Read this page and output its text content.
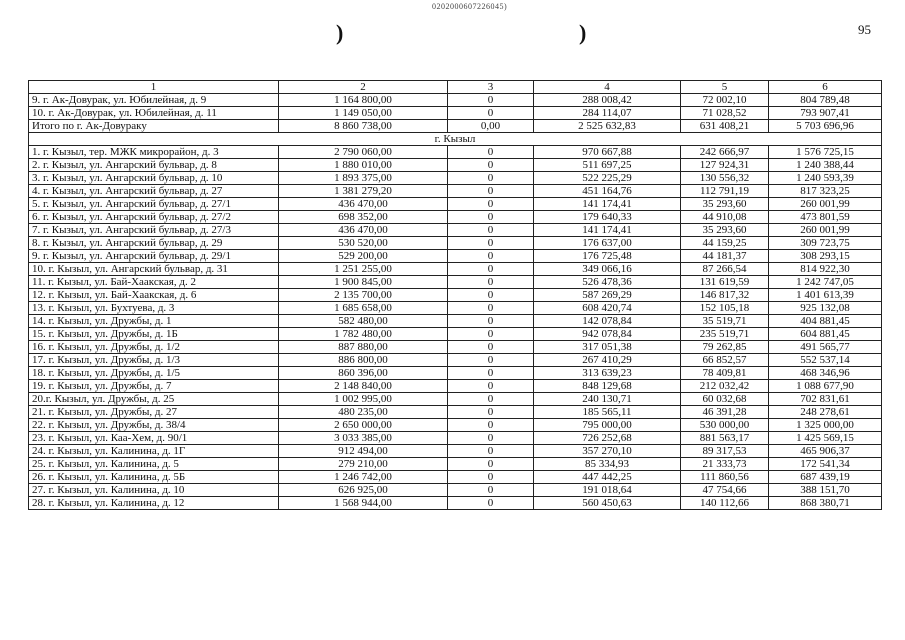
0202000607226045)
)	)	95
1	2	3	4	5	6
9. г. Ак-Довурак, ул. Юбилейная, д. 9	1 164 800,00	0	288 008,42	72 002,10	804 789,48
10. г. Ак-Довурак, ул. Юбилейная, д. 11	1 149 050,00	0	284 114,07	71 028,52	793 907,41
Итого по г. Ак-Довураку	8 860 738,00	0,00	2 525 632,83	631 408,21	5 703 696,96
г. Кызыл					
1. г. Кызыл, тер. МЖК микрорайон, д. 3	2 790 060,00	0	970 667,88	242 666,97	1 576 725,15
2. г. Кызыл, ул. Ангарский бульвар, д. 8	1 880 010,00	0	511 697,25	127 924,31	1 240 388,44
3. г. Кызыл, ул. Ангарский бульвар, д. 10	1 893 375,00	0	522 225,29	130 556,32	1 240 593,39
4. г. Кызыл, ул. Ангарский бульвар, д. 27	1 381 279,20	0	451 164,76	112 791,19	817 323,25
5. г. Кызыл, ул. Ангарский бульвар, д. 27/1	436 470,00	0	141 174,41	35 293,60	260 001,99
6. г. Кызыл, ул. Ангарский бульвар, д. 27/2	698 352,00	0	179 640,33	44 910,08	473 801,59
7. г. Кызыл, ул. Ангарский бульвар, д. 27/3	436 470,00	0	141 174,41	35 293,60	260 001,99
8. г. Кызыл, ул. Ангарский бульвар, д. 29	530 520,00	0	176 637,00	44 159,25	309 723,75
9. г. Кызыл, ул. Ангарский бульвар, д. 29/1	529 200,00	0	176 725,48	44 181,37	308 293,15
10. г. Кызыл, ул. Ангарский бульвар, д. 31	1 251 255,00	0	349 066,16	87 266,54	814 922,30
11. г. Кызыл, ул. Бай-Хаакская, д. 2	1 900 845,00	0	526 478,36	131 619,59	1 242 747,05
12. г. Кызыл, ул. Бай-Хаакская, д. 6	2 135 700,00	0	587 269,29	146 817,32	1 401 613,39
13. г. Кызыл, ул. Бухтуева, д. 3	1 685 658,00	0	608 420,74	152 105,18	925 132,08
14. г. Кызыл, ул. Дружбы, д. 1	582 480,00	0	142 078,84	35 519,71	404 881,45
15. г. Кызыл, ул. Дружбы, д. 1Б	1 782 480,00	0	942 078,84	235 519,71	604 881,45
16. г. Кызыл, ул. Дружбы, д. 1/2	887 880,00	0	317 051,38	79 262,85	491 565,77
17. г. Кызыл, ул. Дружбы, д. 1/3	886 800,00	0	267 410,29	66 852,57	552 537,14
18. г. Кызыл, ул. Дружбы, д. 1/5	860 396,00	0	313 639,23	78 409,81	468 346,96
19. г. Кызыл, ул. Дружбы, д. 7	2 148 840,00	0	848 129,68	212 032,42	1 088 677,90
20.г. Кызыл, ул. Дружбы, д. 25	1 002 995,00	0	240 130,71	60 032,68	702 831,61
21. г. Кызыл, ул. Дружбы, д. 27	480 235,00	0	185 565,11	46 391,28	248 278,61
22. г. Кызыл, ул. Дружбы, д. 38/4	2 650 000,00	0	795 000,00	530 000,00	1 325 000,00
23. г. Кызыл, ул. Каа-Хем, д. 90/1	3 033 385,00	0	726 252,68	881 563,17	1 425 569,15
24. г. Кызыл, ул. Калинина, д. 1Г	912 494,00	0	357 270,10	89 317,53	465 906,37
25. г. Кызыл, ул. Калинина, д. 5	279 210,00	0	85 334,93	21 333,73	172 541,34
26. г. Кызыл, ул. Калинина, д. 5Б	1 246 742,00	0	447 442,25	111 860,56	687 439,19
27. г. Кызыл, ул. Калинина, д. 10	626 925,00	0	191 018,64	47 754,66	388 151,70
28. г. Кызыл, ул. Калинина, д. 12	1 568 944,00	0	560 450,63	140 112,66	868 380,71
